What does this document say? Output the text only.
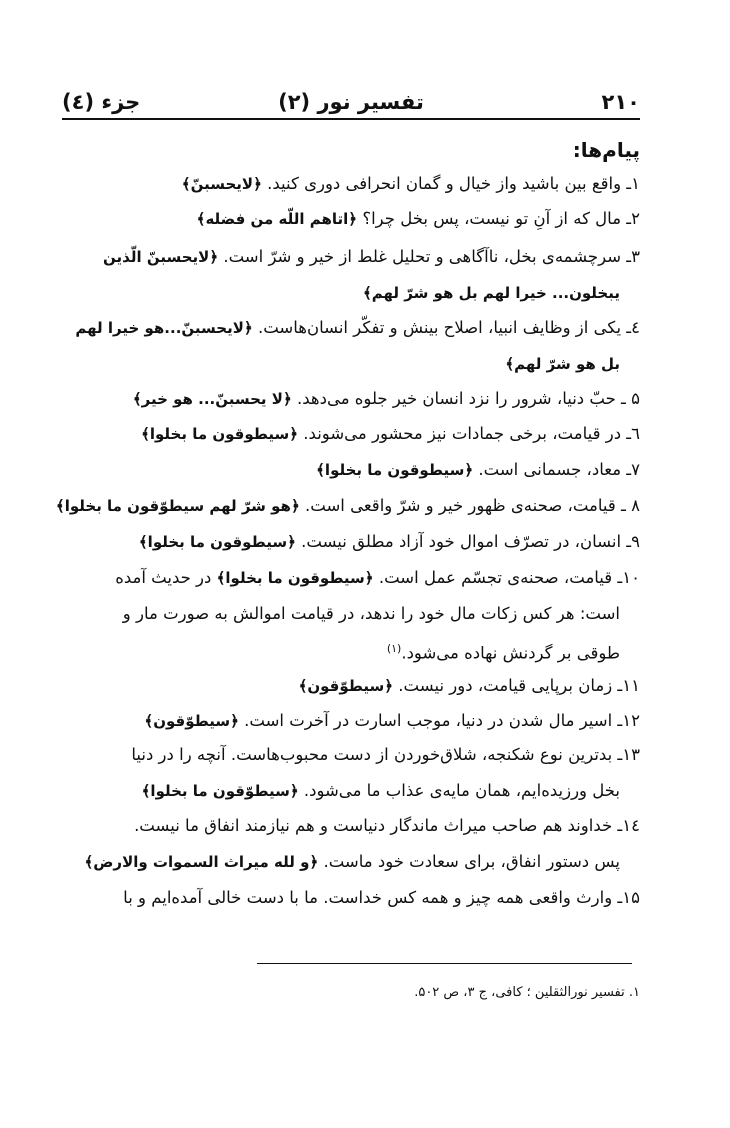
۲۱۰
تفسیر نور (۲)
جزء (٤)
پیام‌ها:
۱ـ واقع بین باشید واز خیال و گمان انحرافی دوری کنید. ﴿لایحسبنّ﴾
۲ـ مال که از آنِ تو نیست، پس بخل چرا؟ ﴿اتاهم اللّه من فضله﴾
۳ـ سرچشمه‌ی بخل، ناآگاهی و تحلیل غلط از خیر و شرّ است. ﴿لایحسبنّ الّذین
یبخلون... خیرا لهم بل هو شرّ لهم﴾
٤ـ یکی از وظایف انبیا، اصلاح بینش و تفکّر انسان‌هاست. ﴿لایحسبنّ...هو خیرا لهم
بل هو شرّ لهم﴾
۵ ـ حبّ دنیا، شرور را نزد انسان خیر جلوه می‌دهد. ﴿لا یحسبنّ... هو خیر﴾
٦ـ در قیامت، برخی جمادات نیز محشور می‌شوند. ﴿سیطوقون ما بخلوا﴾
۷ـ معاد، جسمانی است. ﴿سیطوقون ما بخلوا﴾
۸ ـ قیامت، صحنه‌ی ظهور خیر و شرّ واقعی است. ﴿هو شرّ لهم سیطوّقون ما بخلوا﴾
۹ـ انسان، در تصرّف اموال خود آزاد مطلق نیست. ﴿سیطوقون ما بخلوا﴾
۱۰ـ قیامت، صحنه‌ی تجسّم عمل است. ﴿سیطوقون ما بخلوا﴾ در حدیث آمده
است: هر کس زکات مال خود را ندهد، در قیامت اموالش به صورت مار و
طوقی بر گردنش نهاده می‌شود.$^{(۱)}$
۱۱ـ زمان برپایی قیامت، دور نیست. ﴿سیطوّقون﴾
۱۲ـ اسیر مال شدن در دنیا، موجب اسارت در آخرت است. ﴿سیطوّقون﴾
۱۳ـ بدترین نوع شکنجه، شلاق‌خوردن از دست محبوب‌هاست. آنچه را در دنیا
بخل ورزیده‌ایم، همان مایه‌ی عذاب ما می‌شود. ﴿سیطوّقون ما بخلوا﴾
١٤ـ خداوند هم صاحب میراث ماندگار دنیاست و هم نیازمند انفاق ما نیست.
پس دستور انفاق، برای سعادت خود ماست. ﴿و لله میراث السموات والارض﴾
۱۵ـ وارث واقعی همه چیز و همه کس خداست. ما با دست خالی آمده‌ایم و با
۱. تفسیر نورالثقلین ؛ کافی، ج ۳، ص ۵۰۲.
